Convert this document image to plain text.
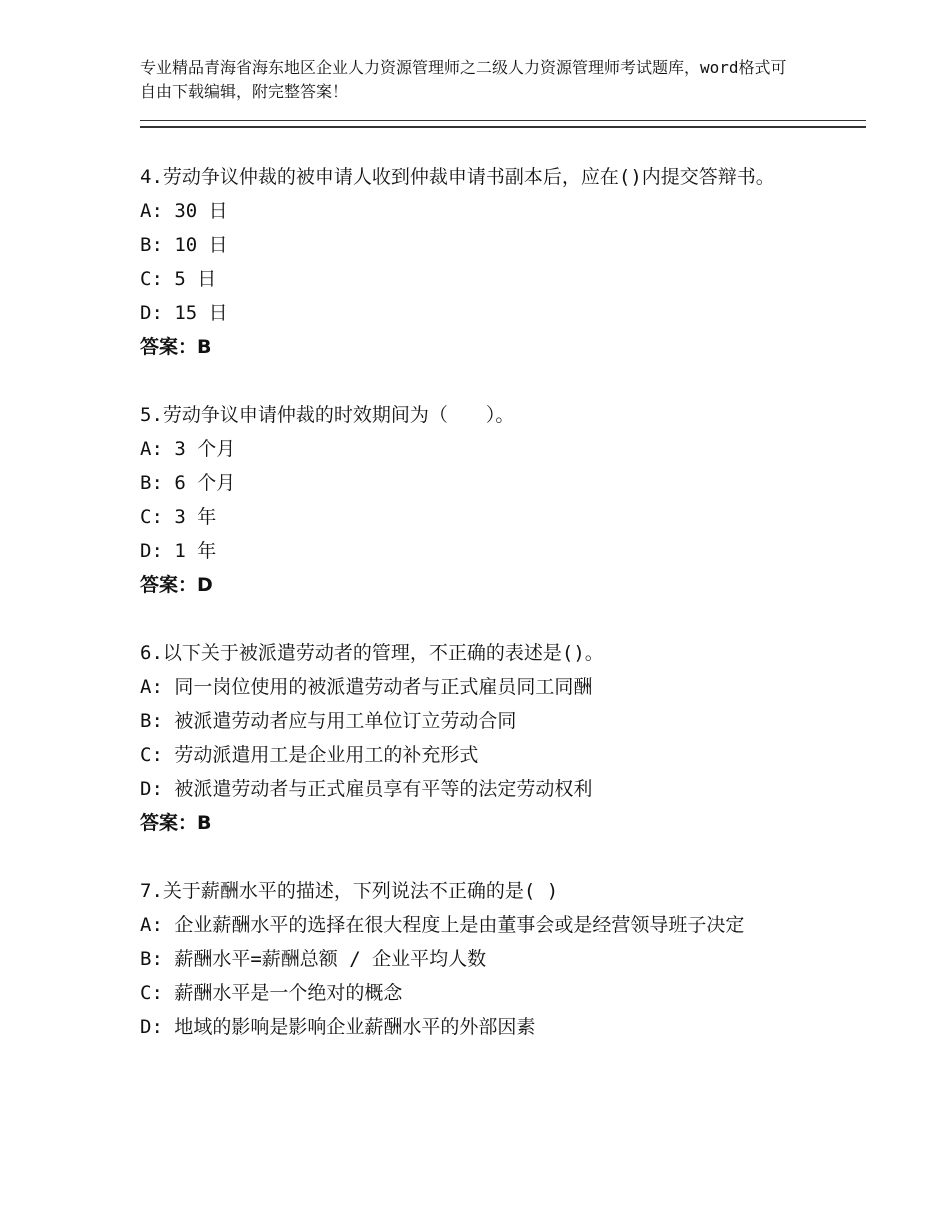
专业精品青海省海东地区企业人力资源管理师之二级人力资源管理师考试题库，word格式可自由下载编辑，附完整答案！

4.劳动争议仲裁的被申请人收到仲裁申请书副本后，应在()内提交答辩书。

A: 30 日

B: 10 日

C: 5 日

D: 15 日

答案：B

5.劳动争议申请仲裁的时效期间为（　　）。

A: 3 个月

B: 6 个月

C: 3 年

D: 1 年

答案：D

6.以下关于被派遣劳动者的管理，不正确的表述是()。

A: 同一岗位使用的被派遣劳动者与正式雇员同工同酬

B: 被派遣劳动者应与用工单位订立劳动合同

C: 劳动派遣用工是企业用工的补充形式

D: 被派遣劳动者与正式雇员享有平等的法定劳动权利

答案：B

7.关于薪酬水平的描述，下列说法不正确的是( )

A: 企业薪酬水平的选择在很大程度上是由董事会或是经营领导班子决定

B: 薪酬水平=薪酬总额 / 企业平均人数

C: 薪酬水平是一个绝对的概念

D: 地域的影响是影响企业薪酬水平的外部因素
